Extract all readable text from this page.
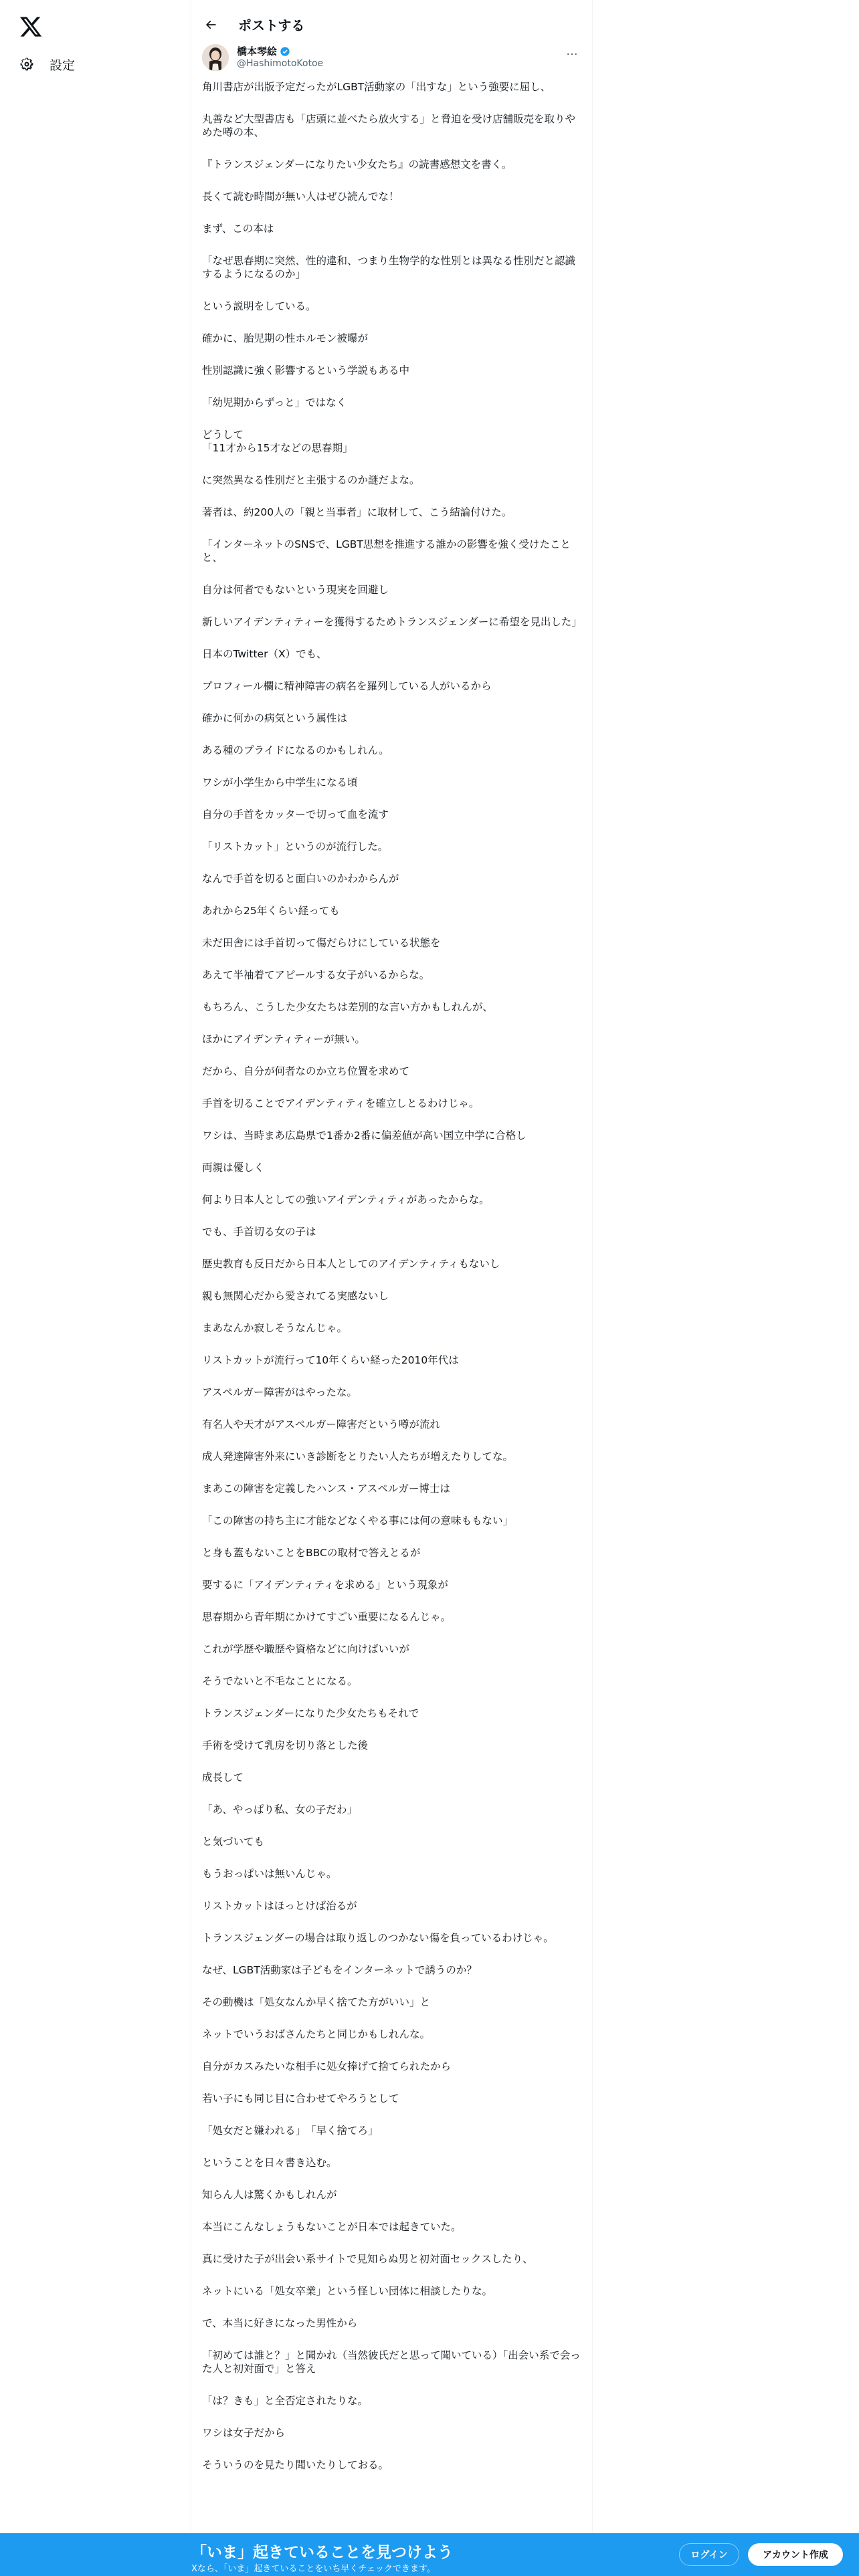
設定
ポストする
橋本琴絵
@HashimotoKotoe
···

角川書店が出版予定だったがLGBT活動家の「出すな」という強要に屈し、

丸善など大型書店も「店頭に並べたら放火する」と脅迫を受け店舗販売を取りやめた噂の本、

『トランスジェンダーになりたい少女たち』の読書感想文を書く。

長くて読む時間が無い人はぜひ読んでな！

まず、この本は

「なぜ思春期に突然、性的違和、つまり生物学的な性別とは異なる性別だと認識するようになるのか」

という説明をしている。

確かに、胎児期の性ホルモン被曝が

性別認識に強く影響するという学説もある中

「幼児期からずっと」ではなく

どうして
「11才から15才などの思春期」

に突然異なる性別だと主張するのか謎だよな。

著者は、約200人の「親と当事者」に取材して、こう結論付けた。

「インターネットのSNSで、LGBT思想を推進する誰かの影響を強く受けたことと、

自分は何者でもないという現実を回避し

新しいアイデンティティーを獲得するためトランスジェンダーに希望を見出した」

日本のTwitter（X）でも、

プロフィール欄に精神障害の病名を羅列している人がいるから

確かに何かの病気という属性は

ある種のプライドになるのかもしれん。

ワシが小学生から中学生になる頃

自分の手首をカッターで切って血を流す

「リストカット」というのが流行した。

なんで手首を切ると面白いのかわからんが

あれから25年くらい経っても

未だ田舎には手首切って傷だらけにしている状態を

あえて半袖着てアピールする女子がいるからな。

もちろん、こうした少女たちは差別的な言い方かもしれんが、

ほかにアイデンティティーが無い。

だから、自分が何者なのか立ち位置を求めて

手首を切ることでアイデンティティを確立しとるわけじゃ。

ワシは、当時まあ広島県で1番か2番に偏差値が高い国立中学に合格し

両親は優しく

何より日本人としての強いアイデンティティがあったからな。

でも、手首切る女の子は

歴史教育も反日だから日本人としてのアイデンティティもないし

親も無関心だから愛されてる実感ないし

まあなんか寂しそうなんじゃ。

リストカットが流行って10年くらい経った2010年代は

アスペルガー障害がはやったな。

有名人や天才がアスペルガー障害だという噂が流れ

成人発達障害外来にいき診断をとりたい人たちが増えたりしてな。

まあこの障害を定義したハンス・アスペルガー博士は

「この障害の持ち主に才能などなくやる事には何の意味ももない」

と身も蓋もないことをBBCの取材で答えとるが

要するに「アイデンティティを求める」という現象が

思春期から青年期にかけてすごい重要になるんじゃ。

これが学歴や職歴や資格などに向けばいいが

そうでないと不毛なことになる。

トランスジェンダーになりた少女たちもそれで

手術を受けて乳房を切り落とした後

成長して

「あ、やっぱり私、女の子だわ」

と気づいても

もうおっぱいは無いんじゃ。

リストカットはほっとけば治るが

トランスジェンダーの場合は取り返しのつかない傷を負っているわけじゃ。

なぜ、LGBT活動家は子どもをインターネットで誘うのか？

その動機は「処女なんか早く捨てた方がいい」と

ネットでいうおばさんたちと同じかもしれんな。

自分がカスみたいな相手に処女捧げて捨てられたから

若い子にも同じ目に合わせてやろうとして

「処女だと嫌われる」　「早く捨てろ」

ということを日々書き込む。

知らん人は驚くかもしれんが

本当にこんなしょうもないことが日本では起きていた。

真に受けた子が出会い系サイトで見知らぬ男と初対面セックスしたり、

ネットにいる「処女卒業」という怪しい団体に相談したりな。

で、本当に好きになった男性から

「初めては誰と？」と聞かれ（当然彼氏だと思って聞いている）「出会い系で会った人と初対面で」と答え

「は？きも」と全否定されたりな。

ワシは女子だから

そういうのを見たり聞いたりしておる。

「いま」起きていることを見つけよう
Xなら、「いま」起きていることをいち早くチェックできます。
ログイン	アカウント作成
